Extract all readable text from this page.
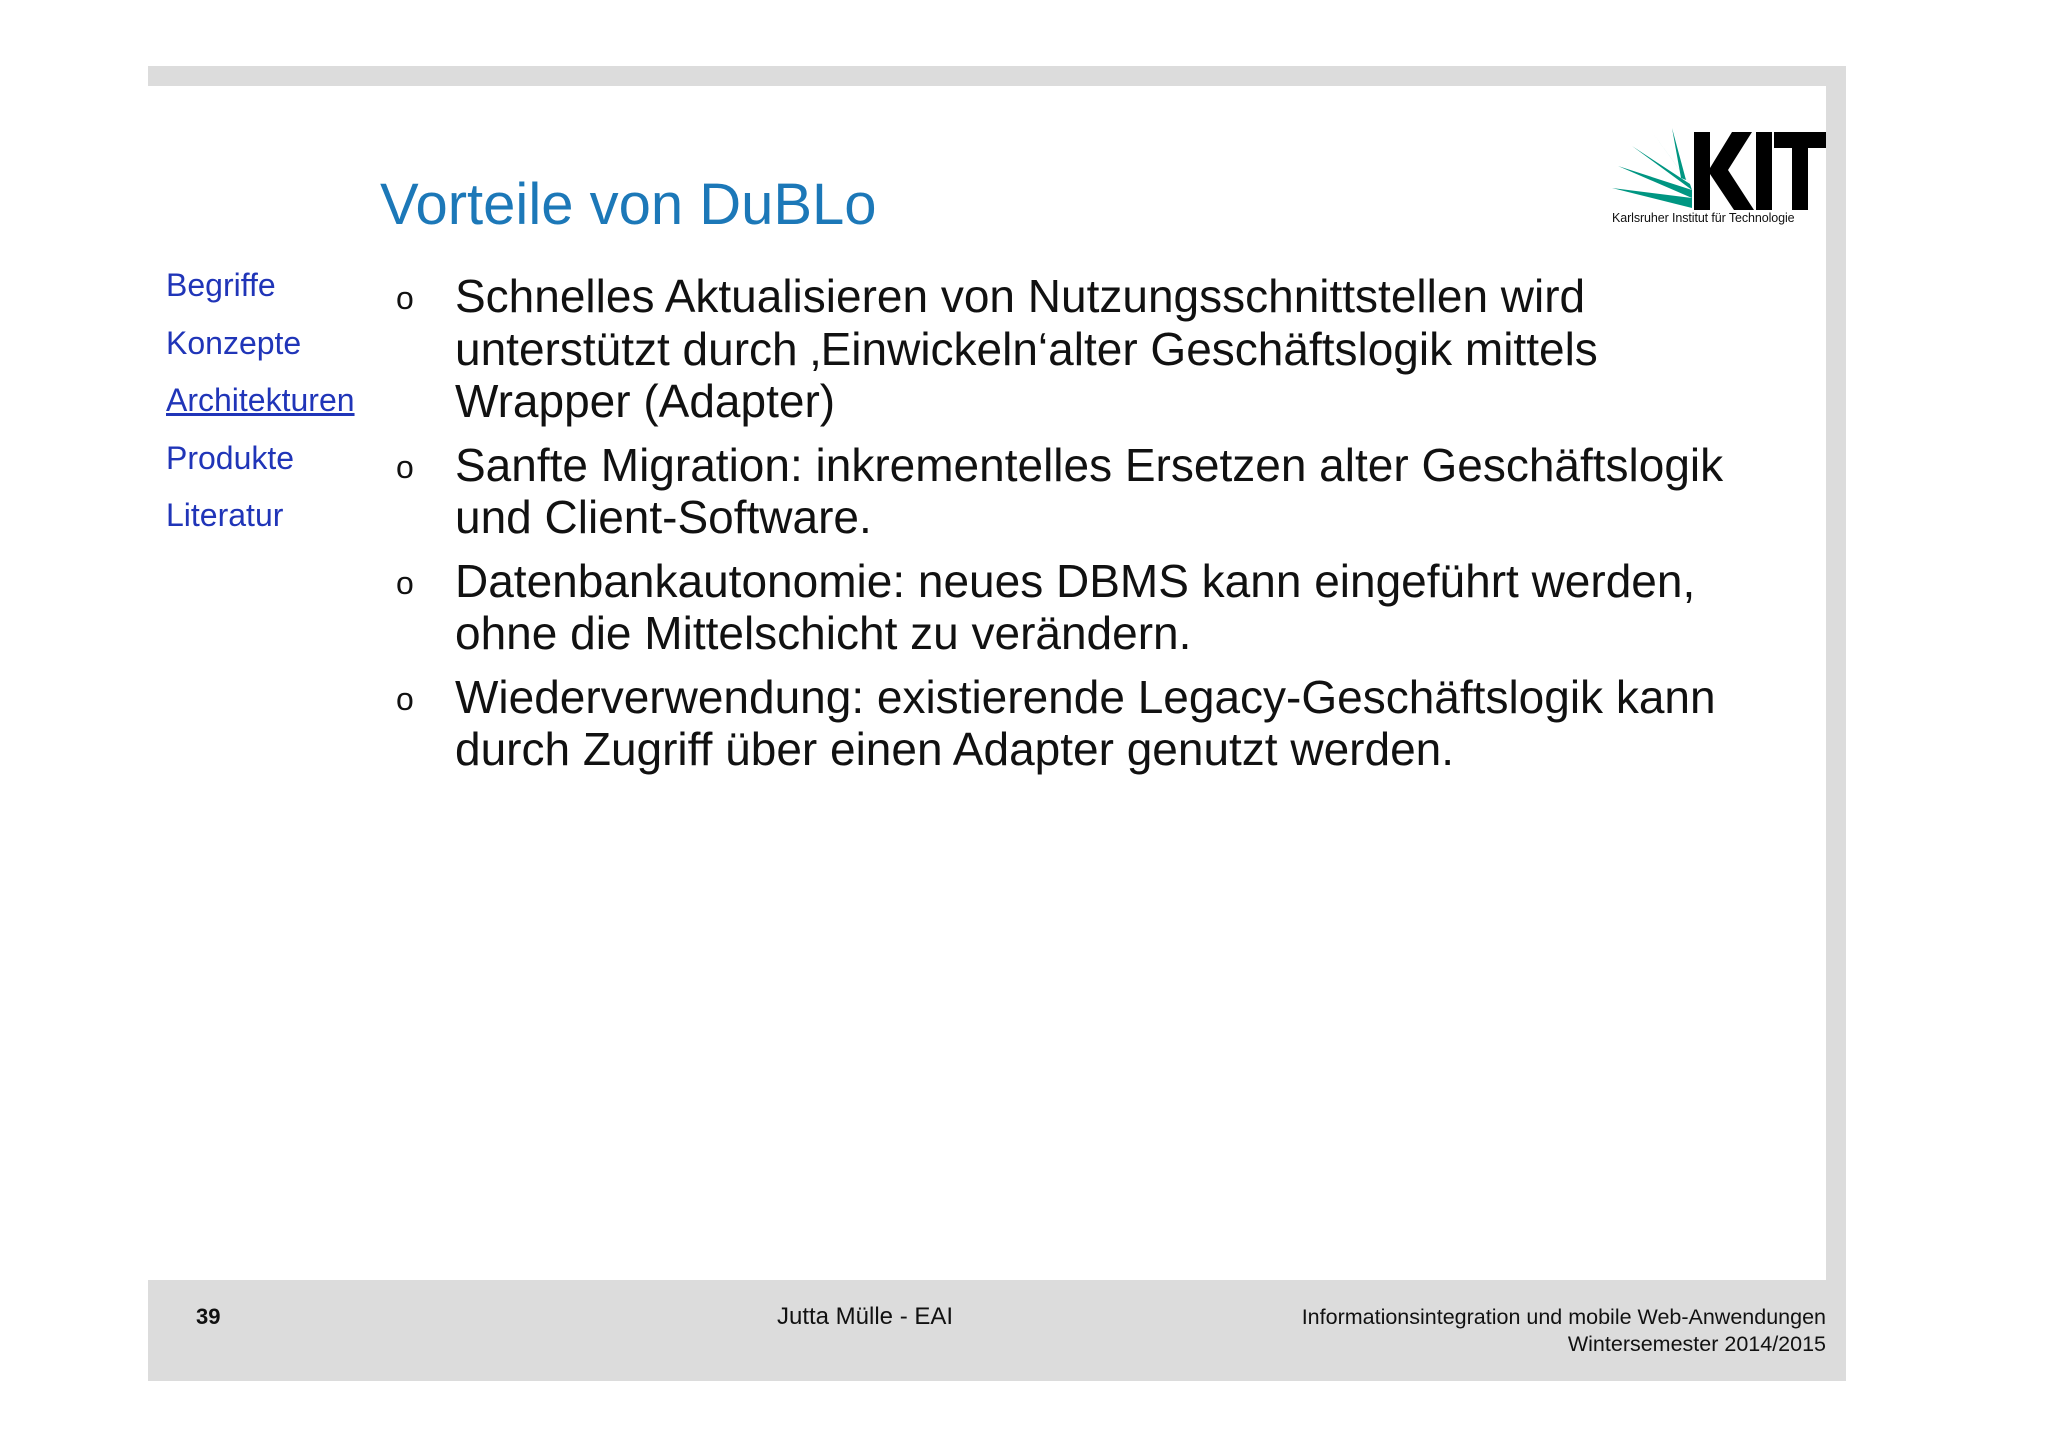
Vorteile von DuBLo	Karlsruher Institut für Technologie
Begriffe
Konzepte
Architekturen
Produkte
Literatur
o Schnelles Aktualisieren von Nutzungsschnittstellen wird
unterstützt durch ‚Einwickeln‘alter Geschäftslogik mittels
Wrapper (Adapter)
o Sanfte Migration: inkrementelles Ersetzen alter Geschäftslogik
und Client-Software.
o Datenbankautonomie: neues DBMS kann eingeführt werden,
ohne die Mittelschicht zu verändern.
o Wiederverwendung: existierende Legacy-Geschäftslogik kann
durch Zugriff über einen Adapter genutzt werden.
39	Jutta Mülle - EAI	Informationsintegration und mobile Web-Anwendungen
Wintersemester 2014/2015
